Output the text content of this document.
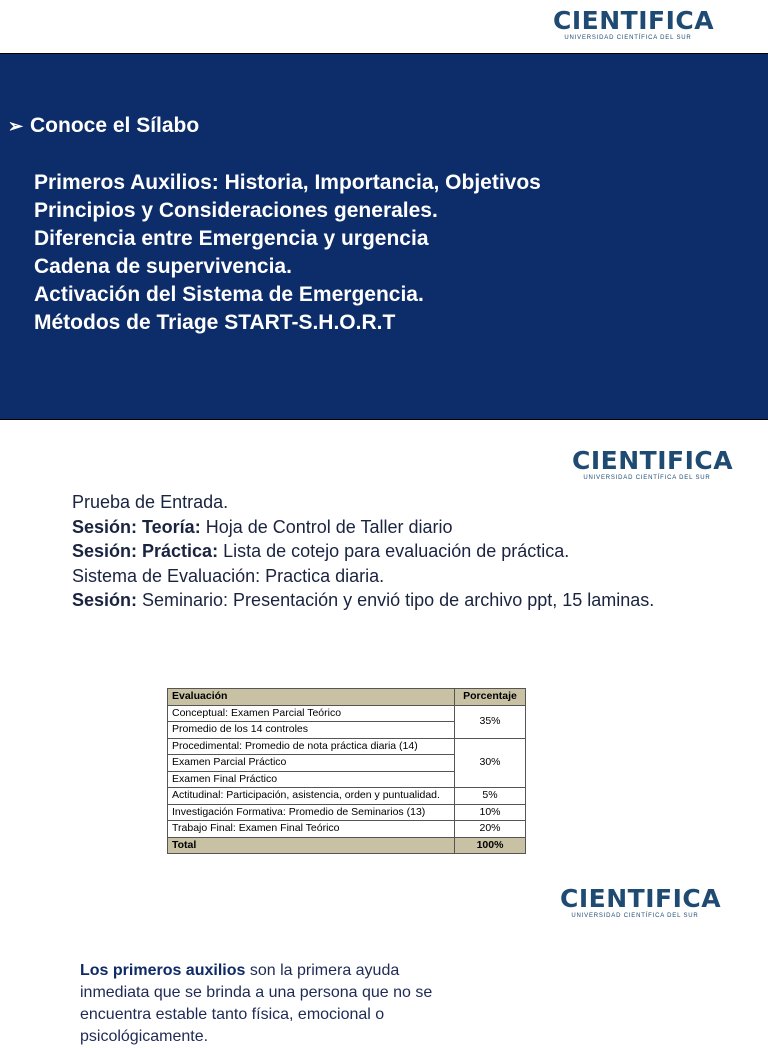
CIENTIFICA
UNIVERSIDAD CIENTÍFICA DEL SUR
➢ Conoce el Sílabo
Primeros Auxilios: Historia, Importancia, Objetivos
Principios y Consideraciones generales.
Diferencia entre Emergencia y urgencia
Cadena de supervivencia.
Activación del Sistema de Emergencia.
Métodos de Triage START-S.H.O.R.T
CIENTIFICA
UNIVERSIDAD CIENTÍFICA DEL SUR
Prueba de Entrada.
Sesión: Teoría: Hoja de Control de Taller diario
Sesión: Práctica: Lista de cotejo para evaluación de práctica.
Sistema de Evaluación: Practica diaria.
Sesión: Seminario: Presentación y envió tipo de archivo ppt, 15 laminas.
Evaluación	Porcentaje
Conceptual: Examen Parcial Teórico	35%
Promedio de los 14 controles	
Procedimental: Promedio de nota práctica diaria (14)	30%
Examen Parcial Práctico	
Examen Final Práctico	
Actitudinal: Participación, asistencia, orden y puntualidad.	5%
Investigación Formativa: Promedio de Seminarios (13)	10%
Trabajo Final: Examen Final Teórico	20%
Total	100%
CIENTIFICA
UNIVERSIDAD CIENTÍFICA DEL SUR

Los primeros auxilios son la primera ayuda inmediata que se brinda a una persona que no se encuentra estable tanto física, emocional o psicológicamente.
